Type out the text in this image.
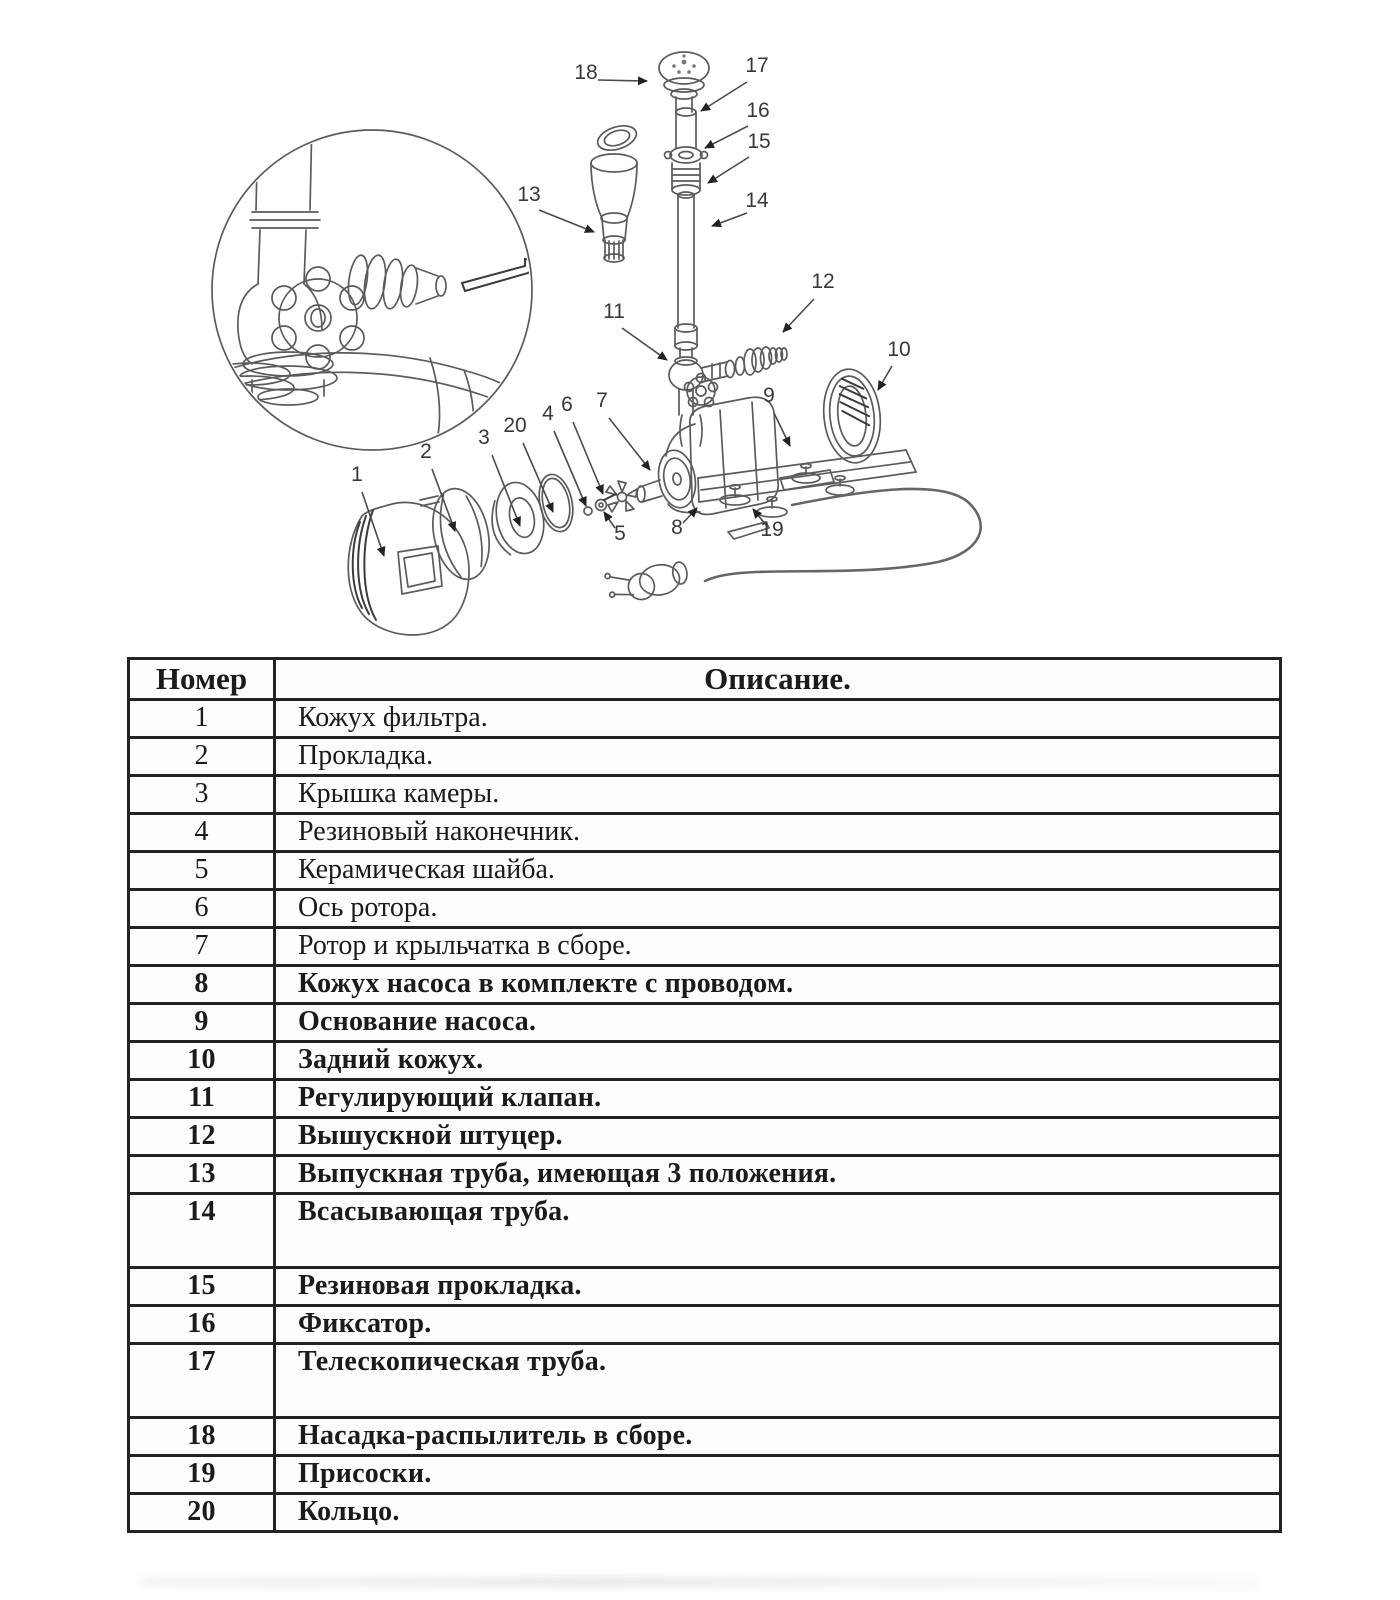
1
2
3
20
4 6
5
7
8
9
10
11
12
13	14
15
16
17
18
19
Номер	Описание.
1	Кожух фильтра.
2	Прокладка.
3	Крышка камеры.
4	Резиновый наконечник.
5	Керамическая шайба.
6	Ось ротора.
7	Ротор и крыльчатка в сборе.
8	Кожух насоса в комплекте с проводом.
9	Основание насоса.
10	Задний кожух.
11	Регулирующий клапан.
12	Вышускной штуцер.
13	Выпускная труба, имеющая 3 положения.
14	Всасывающая труба.
15	Резиновая прокладка.
16	Фиксатор.
17	Телескопическая труба.
18	Насадка-распылитель в сборе.
19	Присоски.
20	Кольцо.
